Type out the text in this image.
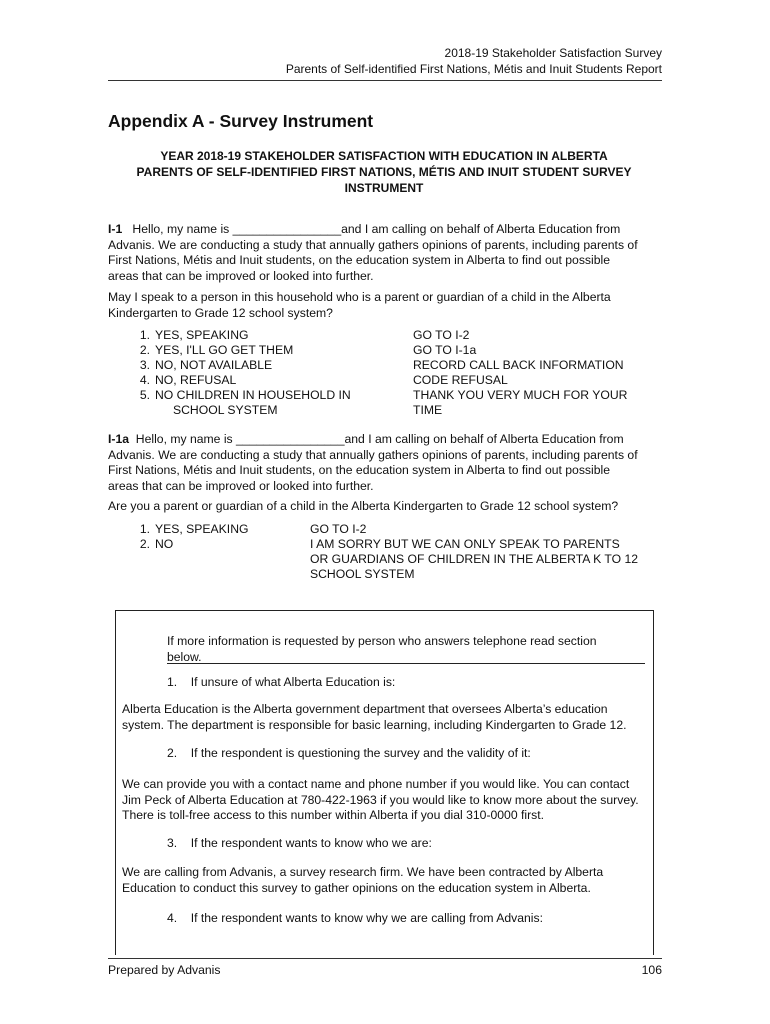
2018-19 Stakeholder Satisfaction Survey
Parents of Self-identified First Nations, Métis and Inuit Students Report
Appendix A - Survey Instrument
YEAR 2018-19 STAKEHOLDER SATISFACTION WITH EDUCATION IN ALBERTA
PARENTS OF SELF-IDENTIFIED FIRST NATIONS, MÉTIS AND INUIT STUDENT SURVEY
INSTRUMENT
I-1 Hello, my name is ________________and I am calling on behalf of Alberta Education from
Advanis. We are conducting a study that annually gathers opinions of parents, including parents of
First Nations, Métis and Inuit students, on the education system in Alberta to find out possible
areas that can be improved or looked into further.
May I speak to a person in this household who is a parent or guardian of a child in the Alberta
Kindergarten to Grade 12 school system?
1. YES, SPEAKING
2. YES, I'LL GO GET THEM
3. NO, NOT AVAILABLE
4. NO, REFUSAL
5. NO CHILDREN IN HOUSEHOLD IN
SCHOOL SYSTEM
GO TO I-2
GO TO I-1a
RECORD CALL BACK INFORMATION
CODE REFUSAL
THANK YOU VERY MUCH FOR YOUR
TIME
I-1a Hello, my name is ________________and I am calling on behalf of Alberta Education from
Advanis. We are conducting a study that annually gathers opinions of parents, including parents of
First Nations, Métis and Inuit students, on the education system in Alberta to find out possible
areas that can be improved or looked into further.
Are you a parent or guardian of a child in the Alberta Kindergarten to Grade 12 school system?
1. YES, SPEAKING
2. NO
GO TO I-2
I AM SORRY BUT WE CAN ONLY SPEAK TO PARENTS
OR GUARDIANS OF CHILDREN IN THE ALBERTA K TO 12
SCHOOL SYSTEM
If more information is requested by person who answers telephone read section
below.
1. If unsure of what Alberta Education is:
Alberta Education is the Alberta government department that oversees Alberta’s education
system. The department is responsible for basic learning, including Kindergarten to Grade 12.
2. If the respondent is questioning the survey and the validity of it:
We can provide you with a contact name and phone number if you would like. You can contact
Jim Peck of Alberta Education at 780-422-1963 if you would like to know more about the survey.
There is toll-free access to this number within Alberta if you dial 310-0000 first.
3. If the respondent wants to know who we are:
We are calling from Advanis, a survey research firm. We have been contracted by Alberta
Education to conduct this survey to gather opinions on the education system in Alberta.
4. If the respondent wants to know why we are calling from Advanis:
Prepared by Advanis	106
